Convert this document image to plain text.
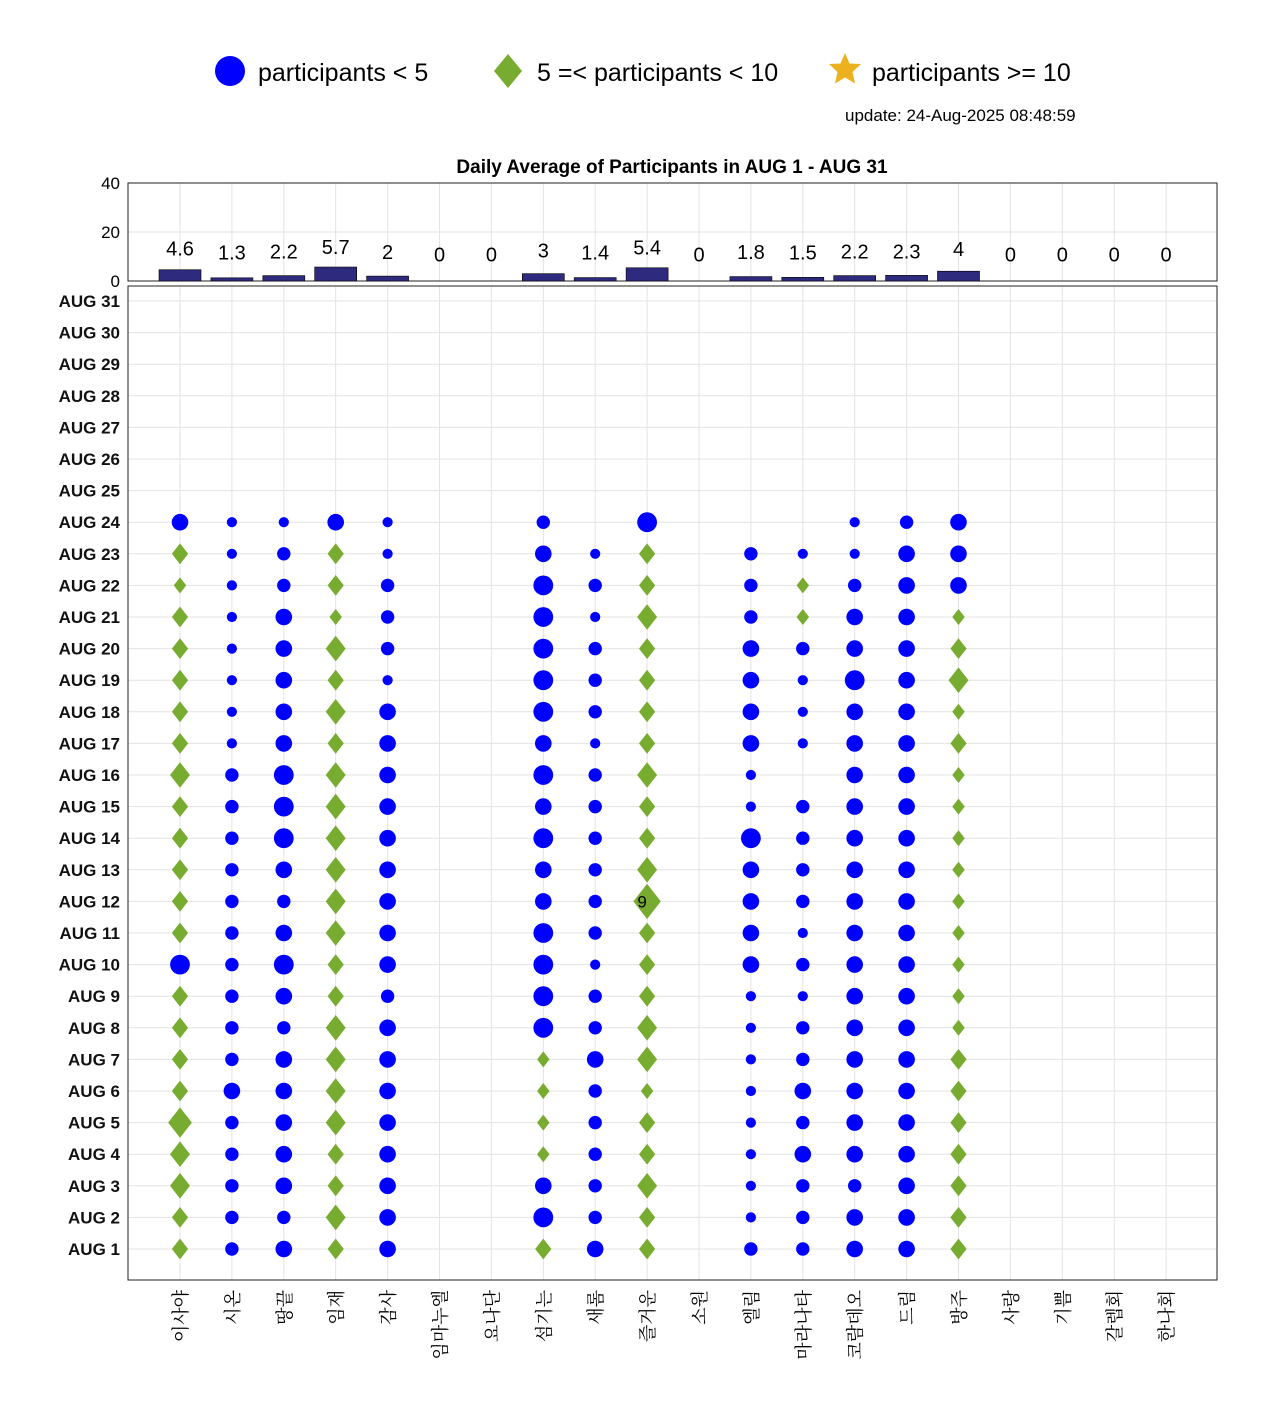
participants < 5	5 =< participants < 10	participants >= 10
update: 24-Aug-2025 08:48:59
Daily Average of Participants in AUG 1 - AUG 31
4.6 1.3 2.2 5.7 2 0 0 3 1.4 5.4 0 1.8 1.5 2.2 2.3 4 0 0 0 0
0
20
40
AUG 1
AUG 2
AUG 3
AUG 4
AUG 5
AUG 6
AUG 7
AUG 8
AUG 9
AUG 10
AUG 11
AUG 12
AUG 13
AUG 14
AUG 15
AUG 16
AUG 17
AUG 18
AUG 19
AUG 20
AUG 21
AUG 22
AUG 23
AUG 24
AUG 25
AUG 26
AUG 27
AUG 28
AUG 29
AUG 30
AUG 31
이사야 시온 땅끝 임재 감사 임마누엘 요나단 섬기는 새롬 즐거운 소원 엘림 마라나타 코람데오 드림 방주 사랑 기쁨 갈렙회 한나회
9
